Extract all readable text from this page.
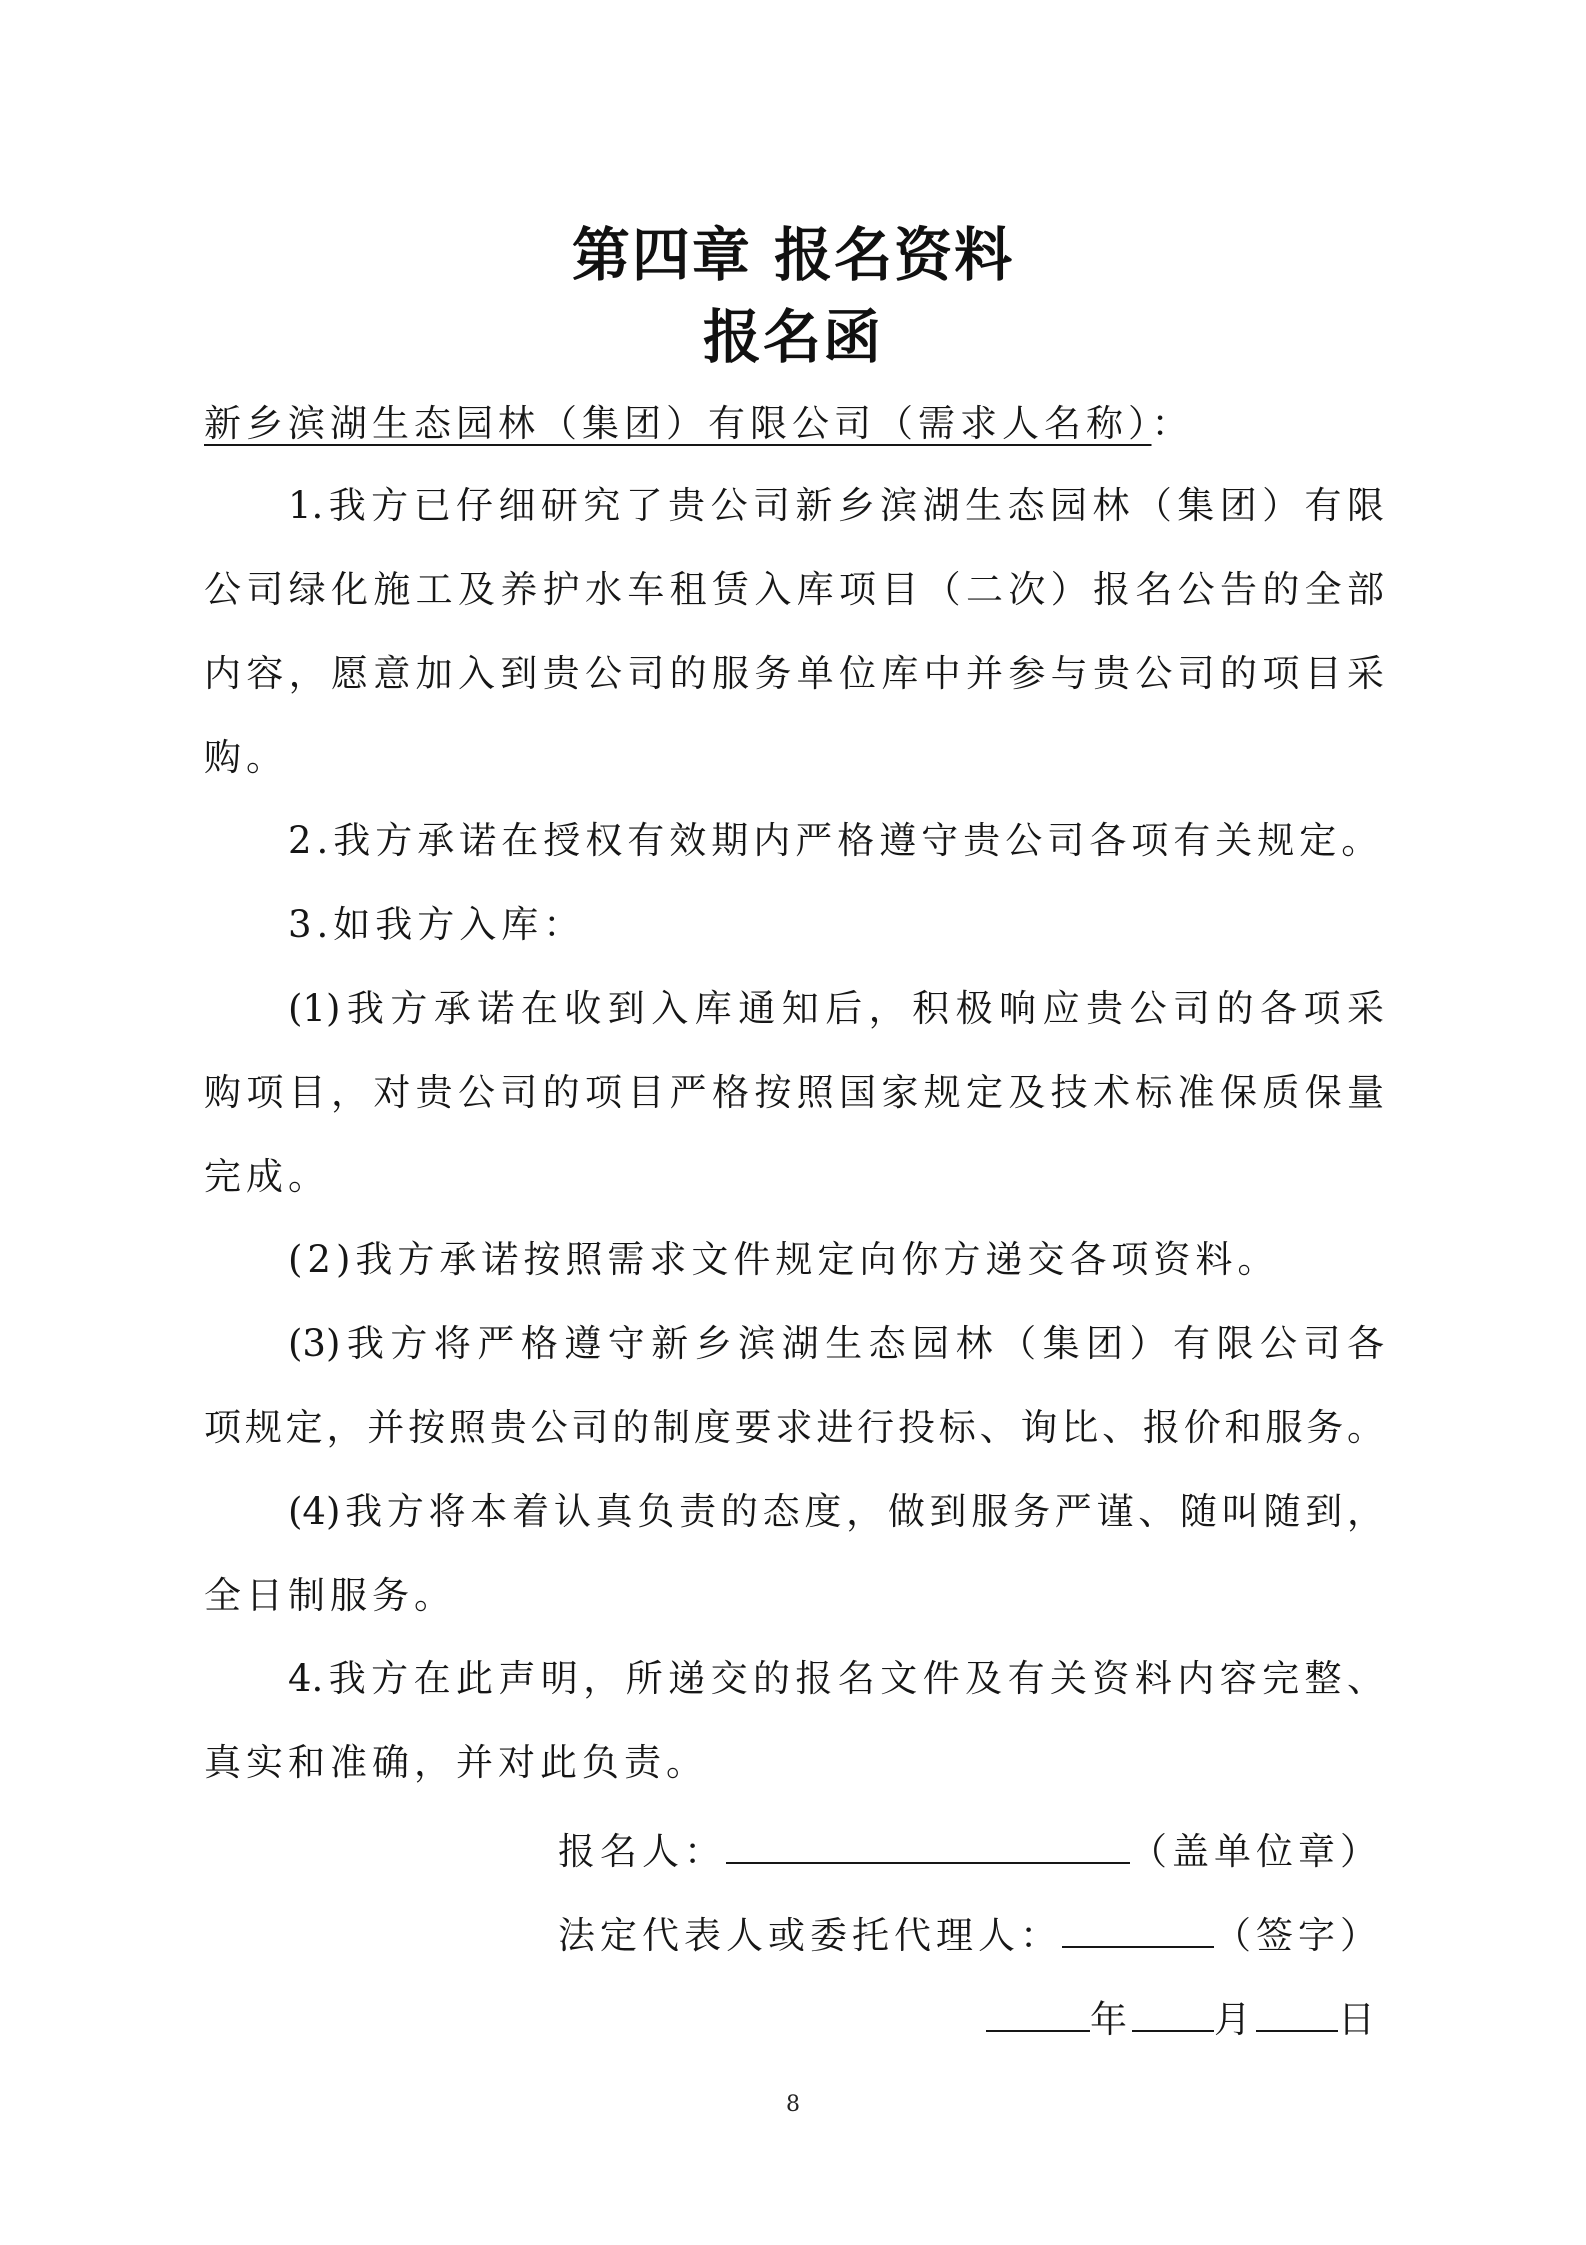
第四章 报名资料
报名函
新乡滨湖生态园林（集团）有限公司（需求人名称）：
1.我方已仔细研究了贵公司新乡滨湖生态园林（集团）有限
公司绿化施工及养护水车租赁入库项目（二次）报名公告的全部
内容，愿意加入到贵公司的服务单位库中并参与贵公司的项目采
购。
2.我方承诺在授权有效期内严格遵守贵公司各项有关规定。
3.如我方入库：
(1)我方承诺在收到入库通知后，积极响应贵公司的各项采
购项目，对贵公司的项目严格按照国家规定及技术标准保质保量
完成。
(2)我方承诺按照需求文件规定向你方递交各项资料。
(3)我方将严格遵守新乡滨湖生态园林（集团）有限公司各
项规定，并按照贵公司的制度要求进行投标、询比、报价和服务。
(4)我方将本着认真负责的态度，做到服务严谨、随叫随到，
全日制服务。
4.我方在此声明，所递交的报名文件及有关资料内容完整、
真实和准确，并对此负责。
报名人：	（盖单位章）
法定代表人或委托代理人：	（签字）
年 月 日
8
